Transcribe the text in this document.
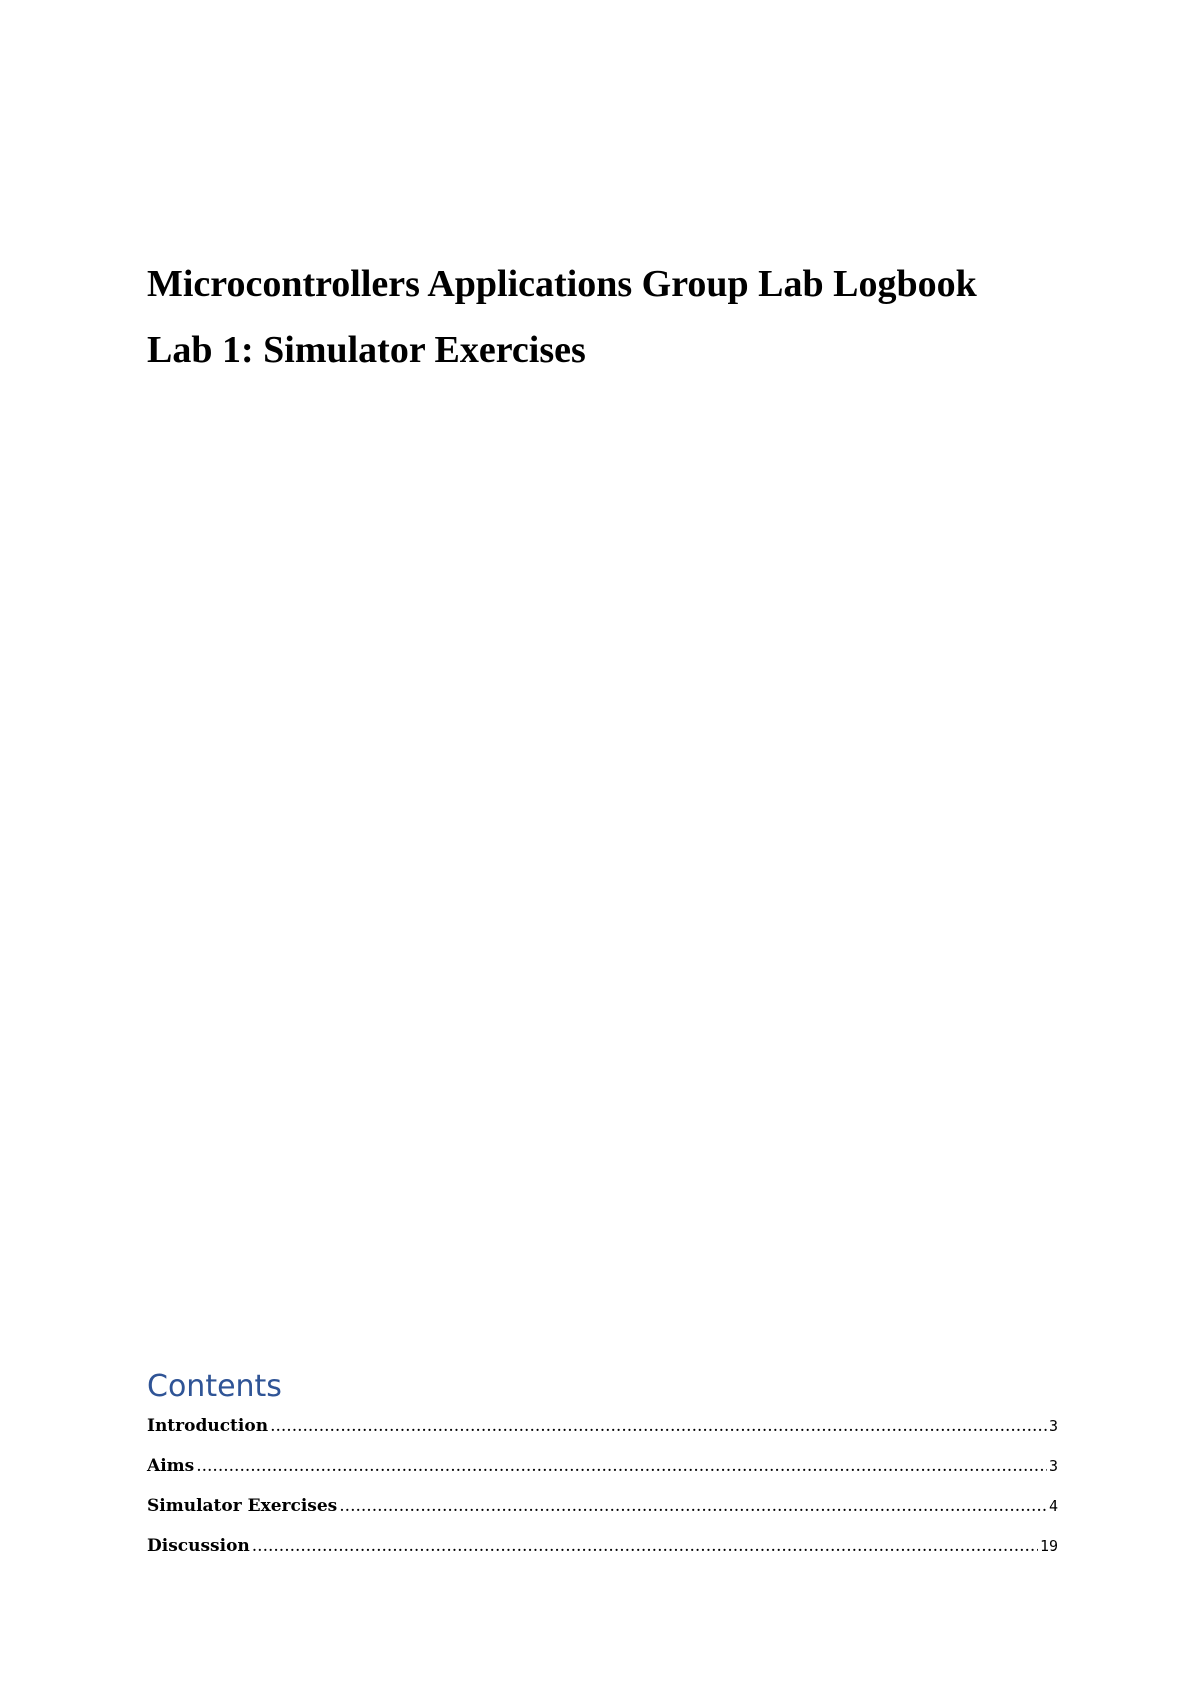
Microcontrollers Applications Group Lab Logbook
Lab 1: Simulator Exercises
Contents
Introduction .....	3
Aims .....	3
Simulator Exercises .....	4
Discussion .....	19
